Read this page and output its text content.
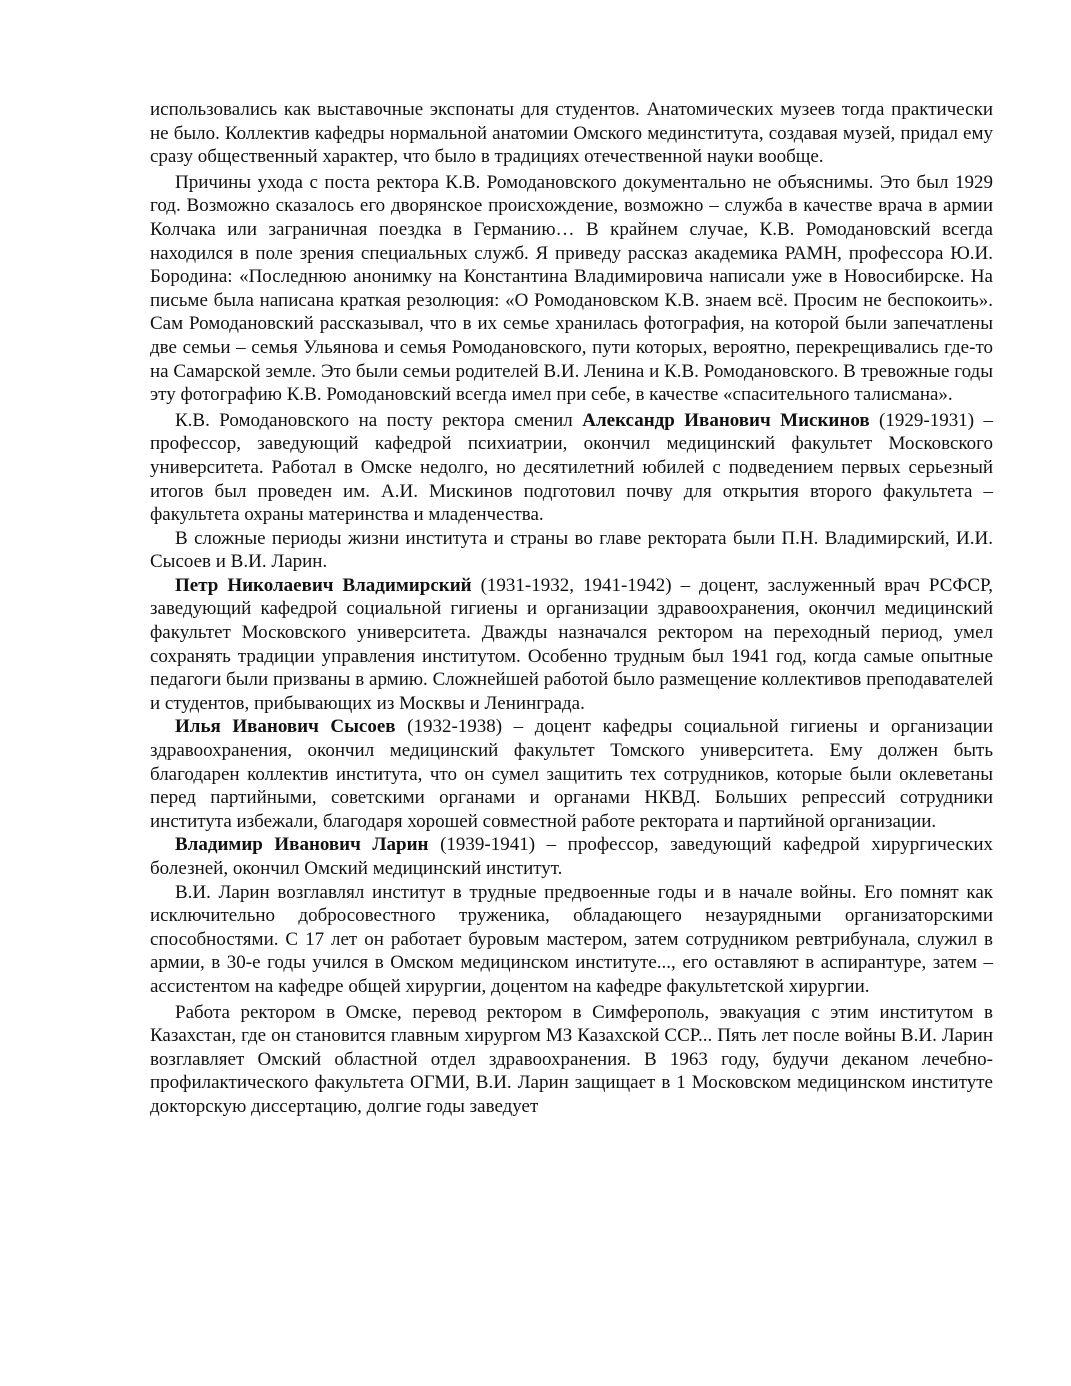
использовались как выставочные экспонаты для студентов. Анатомических музеев тогда практически не было. Коллектив кафедры нормальной анатомии Омского мединститута, создавая музей, придал ему сразу общественный характер, что было в традициях отечественной науки вообще.

Причины ухода с поста ректора К.В. Ромодановского документально не объяснимы. Это был 1929 год. Возможно сказалось его дворянское происхождение, возможно – служба в качестве врача в армии Колчака или заграничная поездка в Германию… В крайнем случае, К.В. Ромодановский всегда находился в поле зрения специальных служб. Я приведу рассказ академика РАМН, профессора Ю.И. Бородина: «Последнюю анонимку на Константина Владимировича написали уже в Новосибирске. На письме была написана краткая резолюция: «О Ромодановском К.В. знаем всё. Просим не беспокоить». Сам Ромодановский рассказывал, что в их семье хранилась фотография, на которой были запечатлены две семьи – семья Ульянова и семья Ромодановского, пути которых, вероятно, перекрещивались где-то на Самарской земле. Это были семьи родителей В.И. Ленина и К.В. Ромодановского. В тревожные годы эту фотографию К.В. Ромодановский всегда имел при себе, в качестве «спасительного талисмана».

К.В. Ромодановского на посту ректора сменил Александр Иванович Мискинов (1929-1931) – профессор, заведующий кафедрой психиатрии, окончил медицинский факультет Московского университета. Работал в Омске недолго, но десятилетний юбилей с подведением первых серьезный итогов был проведен им. А.И. Мискинов подготовил почву для открытия второго факультета – факультета охраны материнства и младенчества.

В сложные периоды жизни института и страны во главе ректората были П.Н. Владимирский, И.И. Сысоев и В.И. Ларин.

Петр Николаевич Владимирский (1931-1932, 1941-1942) – доцент, заслуженный врач РСФСР, заведующий кафедрой социальной гигиены и организации здравоохранения, окончил медицинский факультет Московского университета. Дважды назначался ректором на переходный период, умел сохранять традиции управления институтом. Особенно трудным был 1941 год, когда самые опытные педагоги были призваны в армию. Сложнейшей работой было размещение коллективов преподавателей и студентов, прибывающих из Москвы и Ленинграда.

Илья Иванович Сысоев (1932-1938) – доцент кафедры социальной гигиены и организации здравоохранения, окончил медицинский факультет Томского университета. Ему должен быть благодарен коллектив института, что он сумел защитить тех сотрудников, которые были оклеветаны перед партийными, советскими органами и органами НКВД. Больших репрессий сотрудники института избежали, благодаря хорошей совместной работе ректората и партийной организации.

Владимир Иванович Ларин (1939-1941) – профессор, заведующий кафедрой хирургических болезней, окончил Омский медицинский институт.

В.И. Ларин возглавлял институт в трудные предвоенные годы и в начале войны. Его помнят как исключительно добросовестного труженика, обладающего незаурядными организаторскими способностями. С 17 лет он работает буровым мастером, затем сотрудником ревтрибунала, служил в армии, в 30-е годы учился в Омском медицинском институте..., его оставляют в аспирантуре, затем – ассистентом на кафедре общей хирургии, доцентом на кафедре факультетской хирургии.

Работа ректором в Омске, перевод ректором в Симферополь, эвакуация с этим институтом в Казахстан, где он становится главным хирургом МЗ Казахской ССР... Пять лет после войны В.И. Ларин возглавляет Омский областной отдел здравоохранения. В 1963 году, будучи деканом лечебно-профилактического факультета ОГМИ, В.И. Ларин защищает в 1 Московском медицинском институте докторскую диссертацию, долгие годы заведует
